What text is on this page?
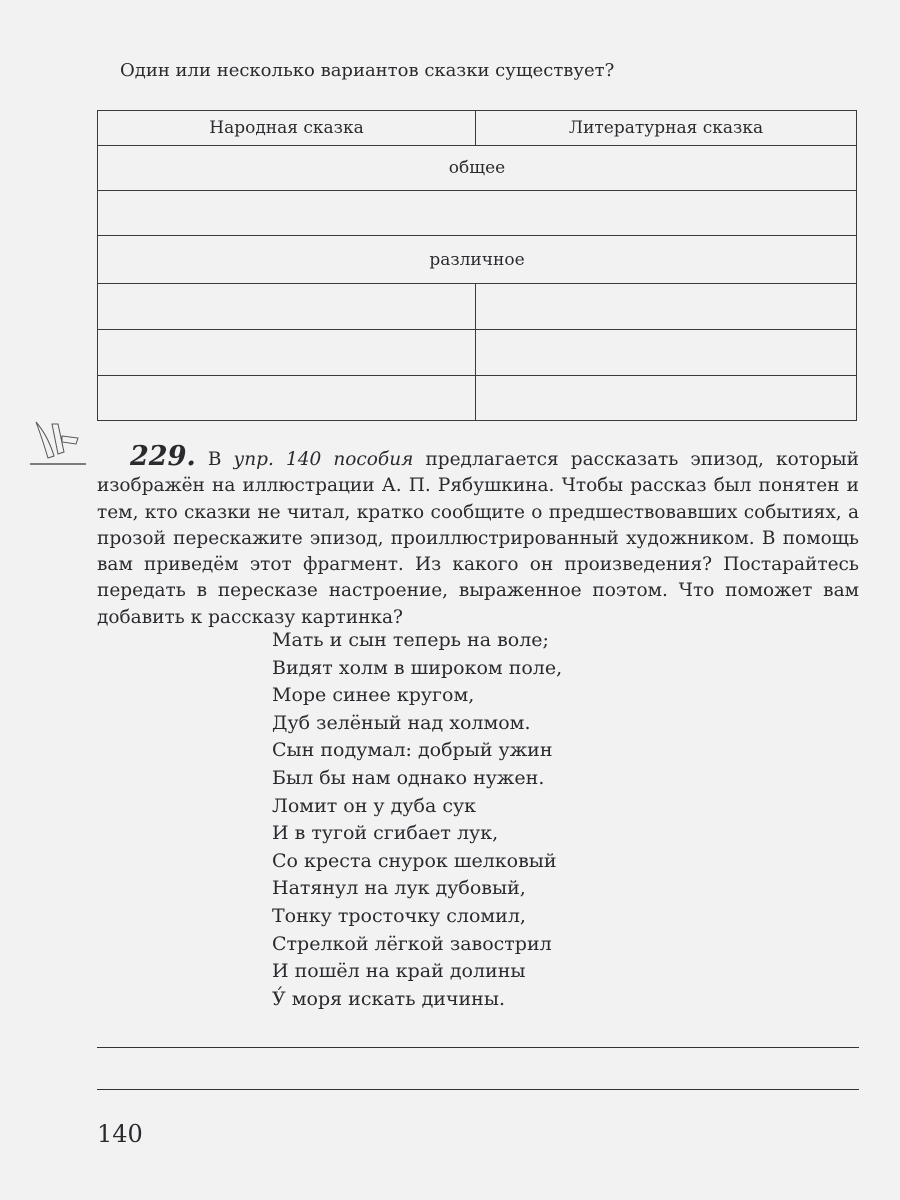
Один или несколько вариантов сказки существует?
Народная сказка	Литературная сказка
общее	

различное	

229. В упр. 140 пособия предлагается рассказать эпизод, который изображён на иллюстрации А. П. Рябушкина. Чтобы рассказ был понятен и тем, кто сказки не читал, кратко сообщите о предшествовавших событиях, а прозой перескажите эпизод, проиллюстрированный художником. В помощь вам приведём этот фрагмент. Из какого он произведения? Постарайтесь передать в пересказе настроение, выраженное поэтом. Что поможет вам добавить к рассказу картинка?
Мать и сын теперь на воле;
Видят холм в широком поле,
Море синее кругом,
Дуб зелёный над холмом.
Сын подумал: добрый ужин
Был бы нам однако нужен.
Ломит он у дуба сук
И в тугой сгибает лук,
Со креста снурок шелковый
Натянул на лук дубовый,
Тонку тросточку сломил,
Стрелкой лёгкой завострил
И пошёл на край долины
У́ моря искать дичины.
140
